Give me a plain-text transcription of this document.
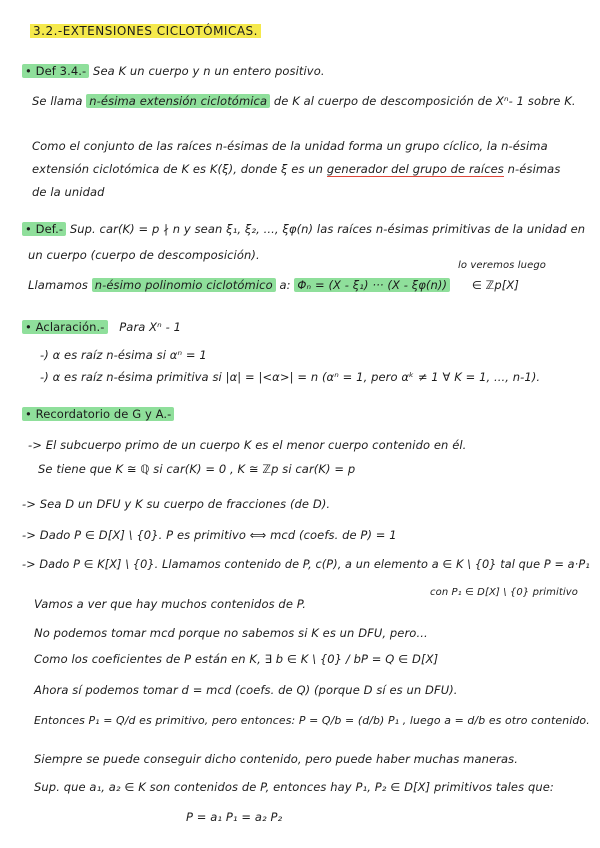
3.2.-EXTENSIONES CICLOTÓMICAS.
• Def 3.4.- Sea K un cuerpo y n un entero positivo.
Se llama n-ésima extensión ciclotómica de K al cuerpo de descomposición de Xⁿ- 1 sobre K.
Como el conjunto de las raíces n-ésimas de la unidad forma un grupo cíclico, la n-ésima
extensión ciclotómica de K es K(ξ), donde ξ es un generador del grupo de raíces n-ésimas
de la unidad
• Def.- Sup. car(K) = p ∤ n y sean ξ₁, ξ₂, ..., ξφ(n) las raíces n-ésimas primitivas de la unidad en
un cuerpo (cuerpo de descomposición).
lo veremos luego
Llamamos n-ésimo polinomio ciclotómico a: Φₙ = (X - ξ₁) ··· (X - ξφ(n)) ∈ ℤp[X]
• Aclaración.- Para Xⁿ - 1
-) α es raíz n-ésima si αⁿ = 1
-) α es raíz n-ésima primitiva si |α| = |<α>| = n (αⁿ = 1, pero αᵏ ≠ 1 ∀ K = 1, ..., n-1).
• Recordatorio de G y A.-
-> El subcuerpo primo de un cuerpo K es el menor cuerpo contenido en él.
Se tiene que K ≅ ℚ si car(K) = 0 , K ≅ ℤp si car(K) = p
-> Sea D un DFU y K su cuerpo de fracciones (de D).
-> Dado P ∈ D[X] \ {0}. P es primitivo ⟺ mcd (coefs. de P) = 1
-> Dado P ∈ K[X] \ {0}. Llamamos contenido de P, c(P), a un elemento a ∈ K \ {0} tal que P = a·P₁
con P₁ ∈ D[X] \ {0} primitivo
Vamos a ver que hay muchos contenidos de P.
No podemos tomar mcd porque no sabemos si K es un DFU, pero...
Como los coeficientes de P están en K, ∃ b ∈ K \ {0} / bP = Q ∈ D[X]
Ahora sí podemos tomar d = mcd (coefs. de Q) (porque D sí es un DFU).
Entonces P₁ = Q/d es primitivo, pero entonces: P = Q/b = (d/b) P₁ , luego a = d/b es otro contenido.
Siempre se puede conseguir dicho contenido, pero puede haber muchas maneras.
Sup. que a₁, a₂ ∈ K son contenidos de P, entonces hay P₁, P₂ ∈ D[X] primitivos tales que:
P = a₁ P₁ = a₂ P₂
